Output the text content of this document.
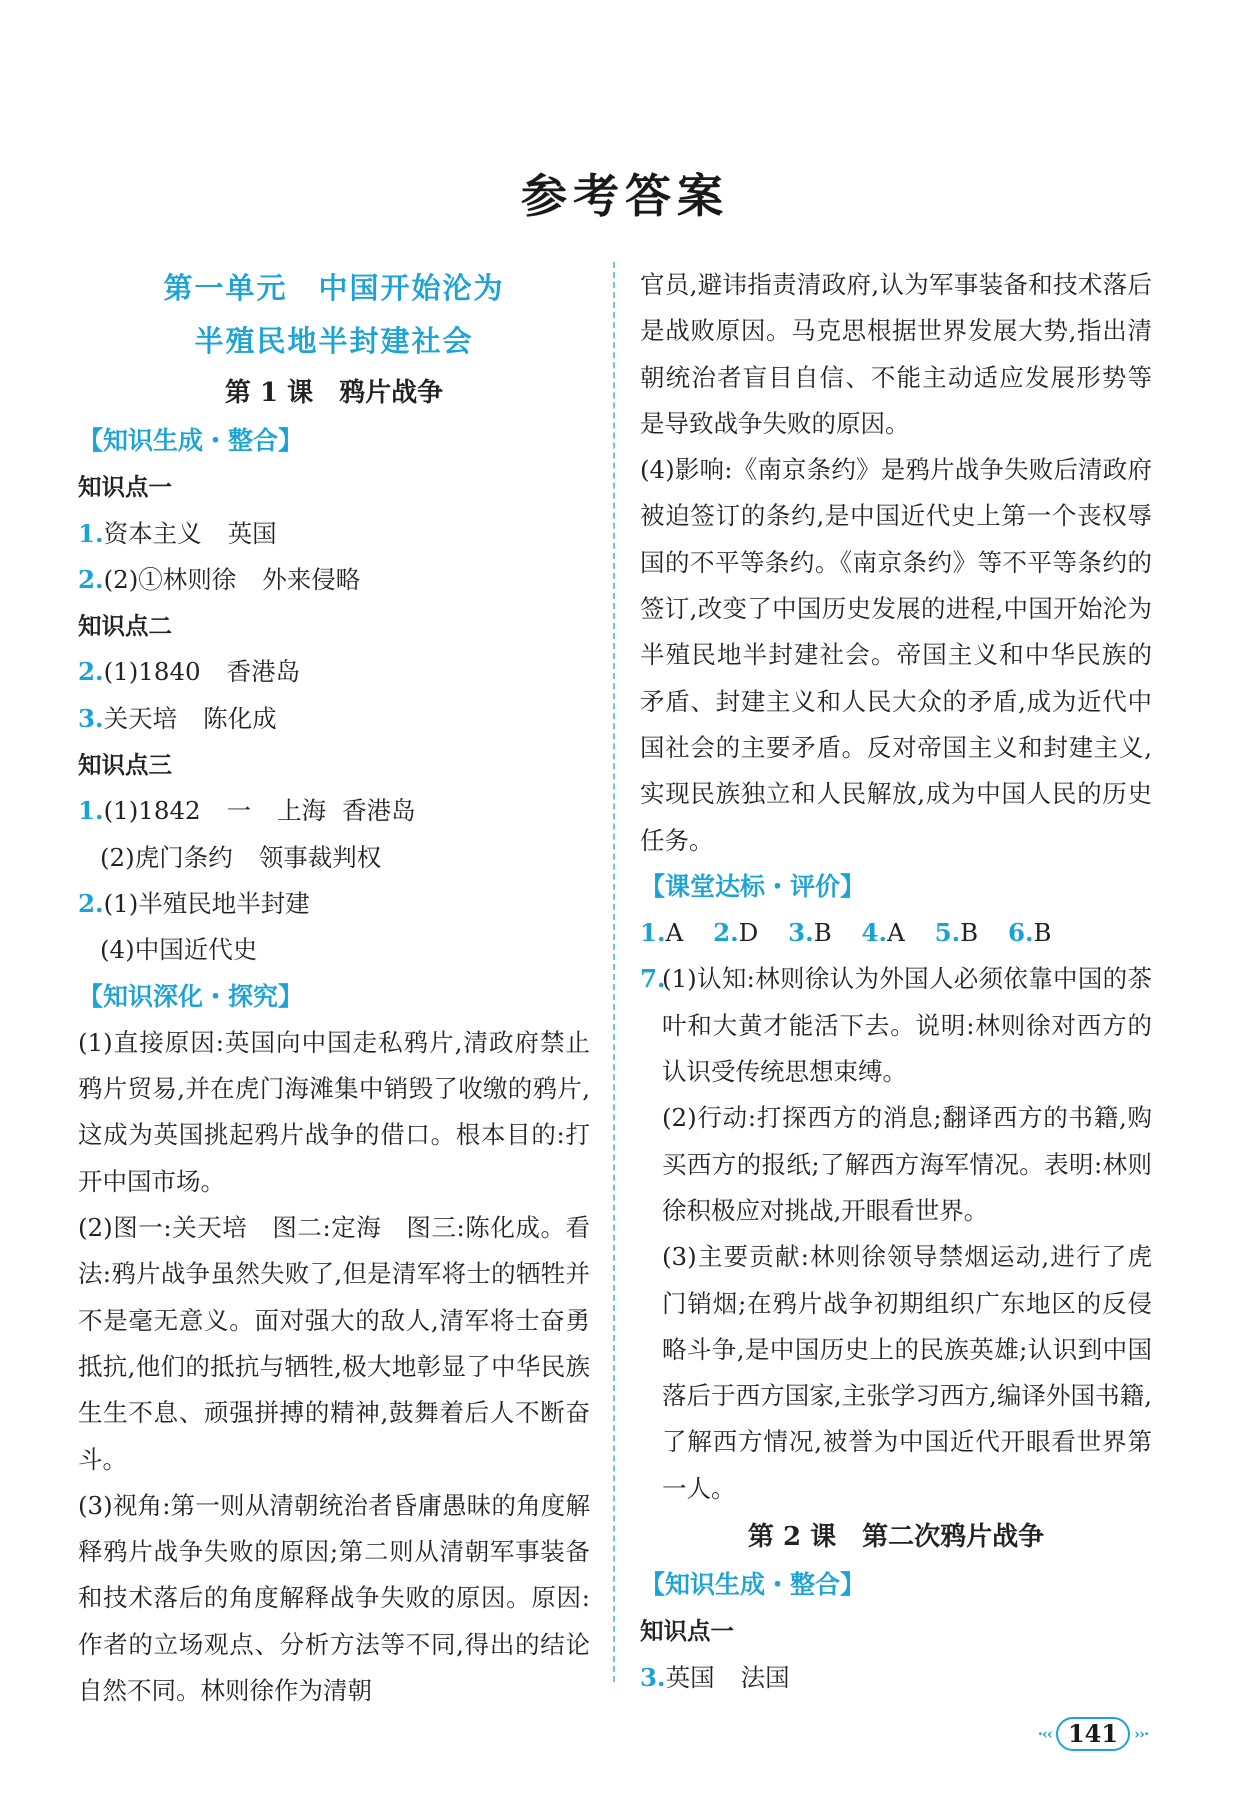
参考答案
第一单元　中国开始沦为
半殖民地半封建社会
第 1 课　鸦片战争
【知识生成・整合】
知识点一
1.资本主义 英国
2.(2)①林则徐 外来侵略
知识点二
2.(1)1840 香港岛
3.关天培 陈化成
知识点三
1.(1)1842 一 上海 香港岛
(2)虎门条约 领事裁判权
2.(1)半殖民地半封建
(4)中国近代史
【知识深化・探究】
(1)直接原因:英国向中国走私鸦片,清政府禁止鸦片贸易,并在虎门海滩集中销毁了收缴的鸦片,这成为英国挑起鸦片战争的借口。根本目的:打开中国市场。
(2)图一:关天培　图二:定海　图三:陈化成。看法:鸦片战争虽然失败了,但是清军将士的牺牲并不是毫无意义。面对强大的敌人,清军将士奋勇抵抗,他们的抵抗与牺牲,极大地彰显了中华民族生生不息、顽强拼搏的精神,鼓舞着后人不断奋斗。
(3)视角:第一则从清朝统治者昏庸愚昧的角度解释鸦片战争失败的原因;第二则从清朝军事装备和技术落后的角度解释战争失败的原因。原因:作者的立场观点、分析方法等不同,得出的结论自然不同。林则徐作为清朝
官员,避讳指责清政府,认为军事装备和技术落后是战败原因。马克思根据世界发展大势,指出清朝统治者盲目自信、不能主动适应发展形势等是导致战争失败的原因。
(4)影响:《南京条约》是鸦片战争失败后清政府被迫签订的条约,是中国近代史上第一个丧权辱国的不平等条约。《南京条约》等不平等条约的签订,改变了中国历史发展的进程,中国开始沦为半殖民地半封建社会。帝国主义和中华民族的矛盾、封建主义和人民大众的矛盾,成为近代中国社会的主要矛盾。反对帝国主义和封建主义,实现民族独立和人民解放,成为中国人民的历史任务。
【课堂达标・评价】
1.A 2.D 3.B 4.A 5.B 6.B
7.
(1)认知:林则徐认为外国人必须依靠中国的茶叶和大黄才能活下去。说明:林则徐对西方的认识受传统思想束缚。
(2)行动:打探西方的消息;翻译西方的书籍,购买西方的报纸;了解西方海军情况。表明:林则徐积极应对挑战,开眼看世界。
(3)主要贡献:林则徐领导禁烟运动,进行了虎门销烟;在鸦片战争初期组织广东地区的反侵略斗争,是中国历史上的民族英雄;认识到中国落后于西方国家,主张学习西方,编译外国书籍,了解西方情况,被誉为中国近代开眼看世界第一人。
第 2 课　第二次鸦片战争
【知识生成・整合】
知识点一
3.英国 法国
·‹‹ 141	››·
